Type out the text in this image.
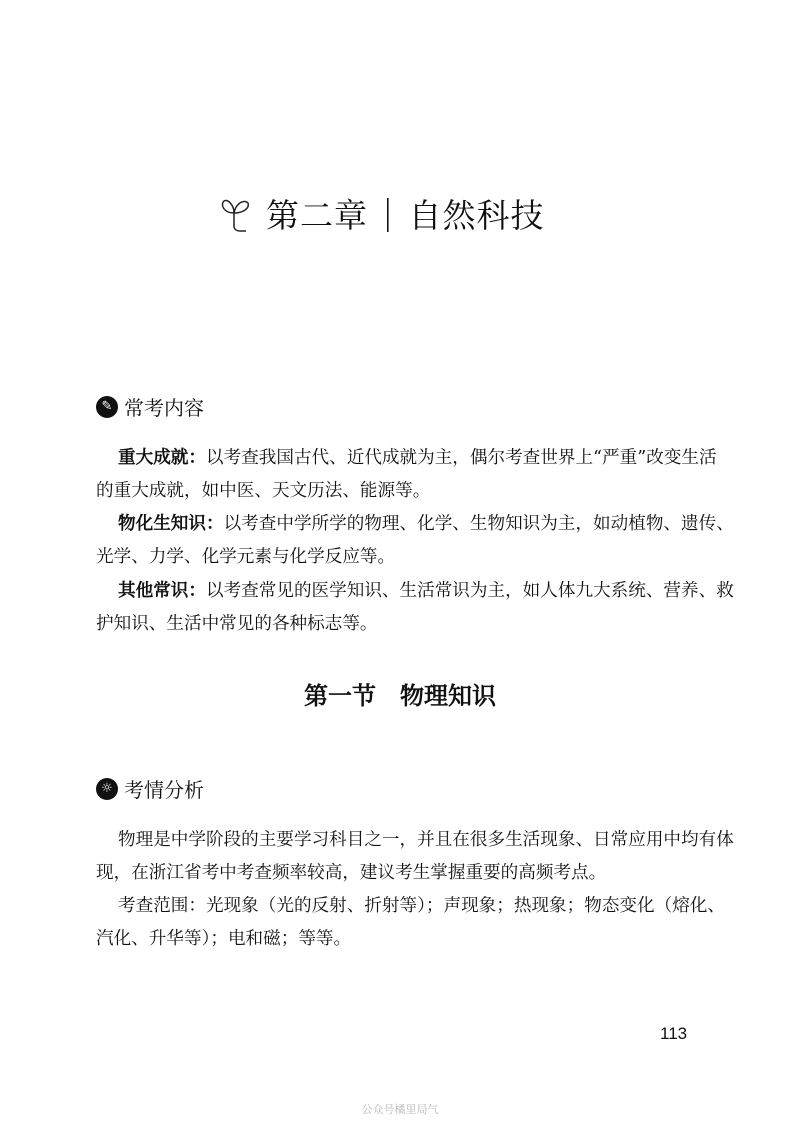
第二章 | 自然科技
✎ 常考内容
重大成就：以考查我国古代、近代成就为主，偶尔考查世界上“严重”改变生活
的重大成就，如中医、天文历法、能源等。
物化生知识：以考查中学所学的物理、化学、生物知识为主，如动植物、遗传、
光学、力学、化学元素与化学反应等。
其他常识：以考查常见的医学知识、生活常识为主，如人体九大系统、营养、救
护知识、生活中常见的各种标志等。
第一节 物理知识
☼ 考情分析
物理是中学阶段的主要学习科目之一，并且在很多生活现象、日常应用中均有体
现，在浙江省考中考查频率较高，建议考生掌握重要的高频考点。
考查范围：光现象（光的反射、折射等）；声现象；热现象；物态变化（熔化、
汽化、升华等）；电和磁；等等。
113
公众号橘里局气
